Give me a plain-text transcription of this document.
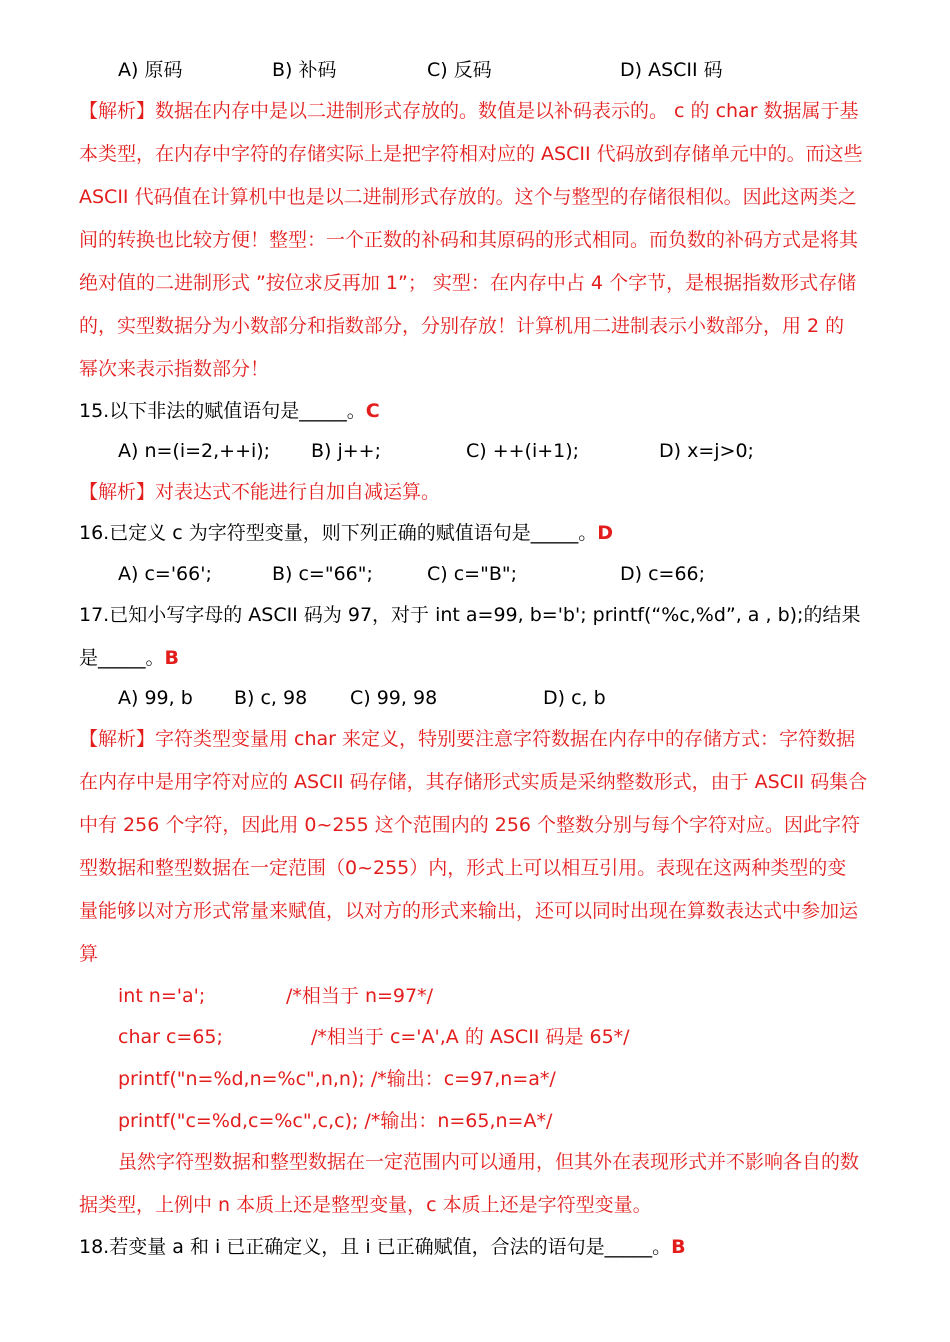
A) 原码	B) 补码	C) 反码	D) ASCII 码
【解析】数据在内存中是以二进制形式存放的。数值是以补码表示的。 c 的 char 数据属于基
本类型，在内存中字符的存储实际上是把字符相对应的 ASCII 代码放到存储单元中的。而这些
ASCII 代码值在计算机中也是以二进制形式存放的。这个与整型的存储很相似。因此这两类之
间的转换也比较方便！整型：一个正数的补码和其原码的形式相同。而负数的补码方式是将其
绝对值的二进制形式 ”按位求反再加 1”； 实型：在内存中占 4 个字节，是根据指数形式存储
的，实型数据分为小数部分和指数部分，分别存放！计算机用二进制表示小数部分，用 2 的
幂次来表示指数部分！
15.以下非法的赋值语句是_____。C
A) n=(i=2,++i); B) j++;	C) ++(i+1);	D) x=j>0;
【解析】对表达式不能进行自加自减运算。
16.已定义 c 为字符型变量，则下列正确的赋值语句是_____。D
A) c='66';	B) c="66";	C) c="B";	D) c=66;
17.已知小写字母的 ASCII 码为 97，对于 int a=99, b='b'; printf(“%c,%d”, a , b);的结果
是_____。B
A) 99, b B) c, 98 C) 99, 98	D) c, b
【解析】字符类型变量用 char 来定义，特别要注意字符数据在内存中的存储方式：字符数据
在内存中是用字符对应的 ASCII 码存储，其存储形式实质是采纳整数形式，由于 ASCII 码集合
中有 256 个字符，因此用 0~255 这个范围内的 256 个整数分别与每个字符对应。因此字符
型数据和整型数据在一定范围（0~255）内，形式上可以相互引用。表现在这两种类型的变
量能够以对方形式常量来赋值，以对方的形式来输出，还可以同时出现在算数表达式中参加运
算
int n='a';	/*相当于 n=97*/
char c=65;	/*相当于 c='A',A 的 ASCII 码是 65*/
printf("n=%d,n=%c",n,n); /*输出：c=97,n=a*/
printf("c=%d,c=%c",c,c); /*输出：n=65,n=A*/
虽然字符型数据和整型数据在一定范围内可以通用，但其外在表现形式并不影响各自的数
据类型，上例中 n 本质上还是整型变量，c 本质上还是字符型变量。
18.若变量 a 和 i 已正确定义，且 i 已正确赋值，合法的语句是_____。B
